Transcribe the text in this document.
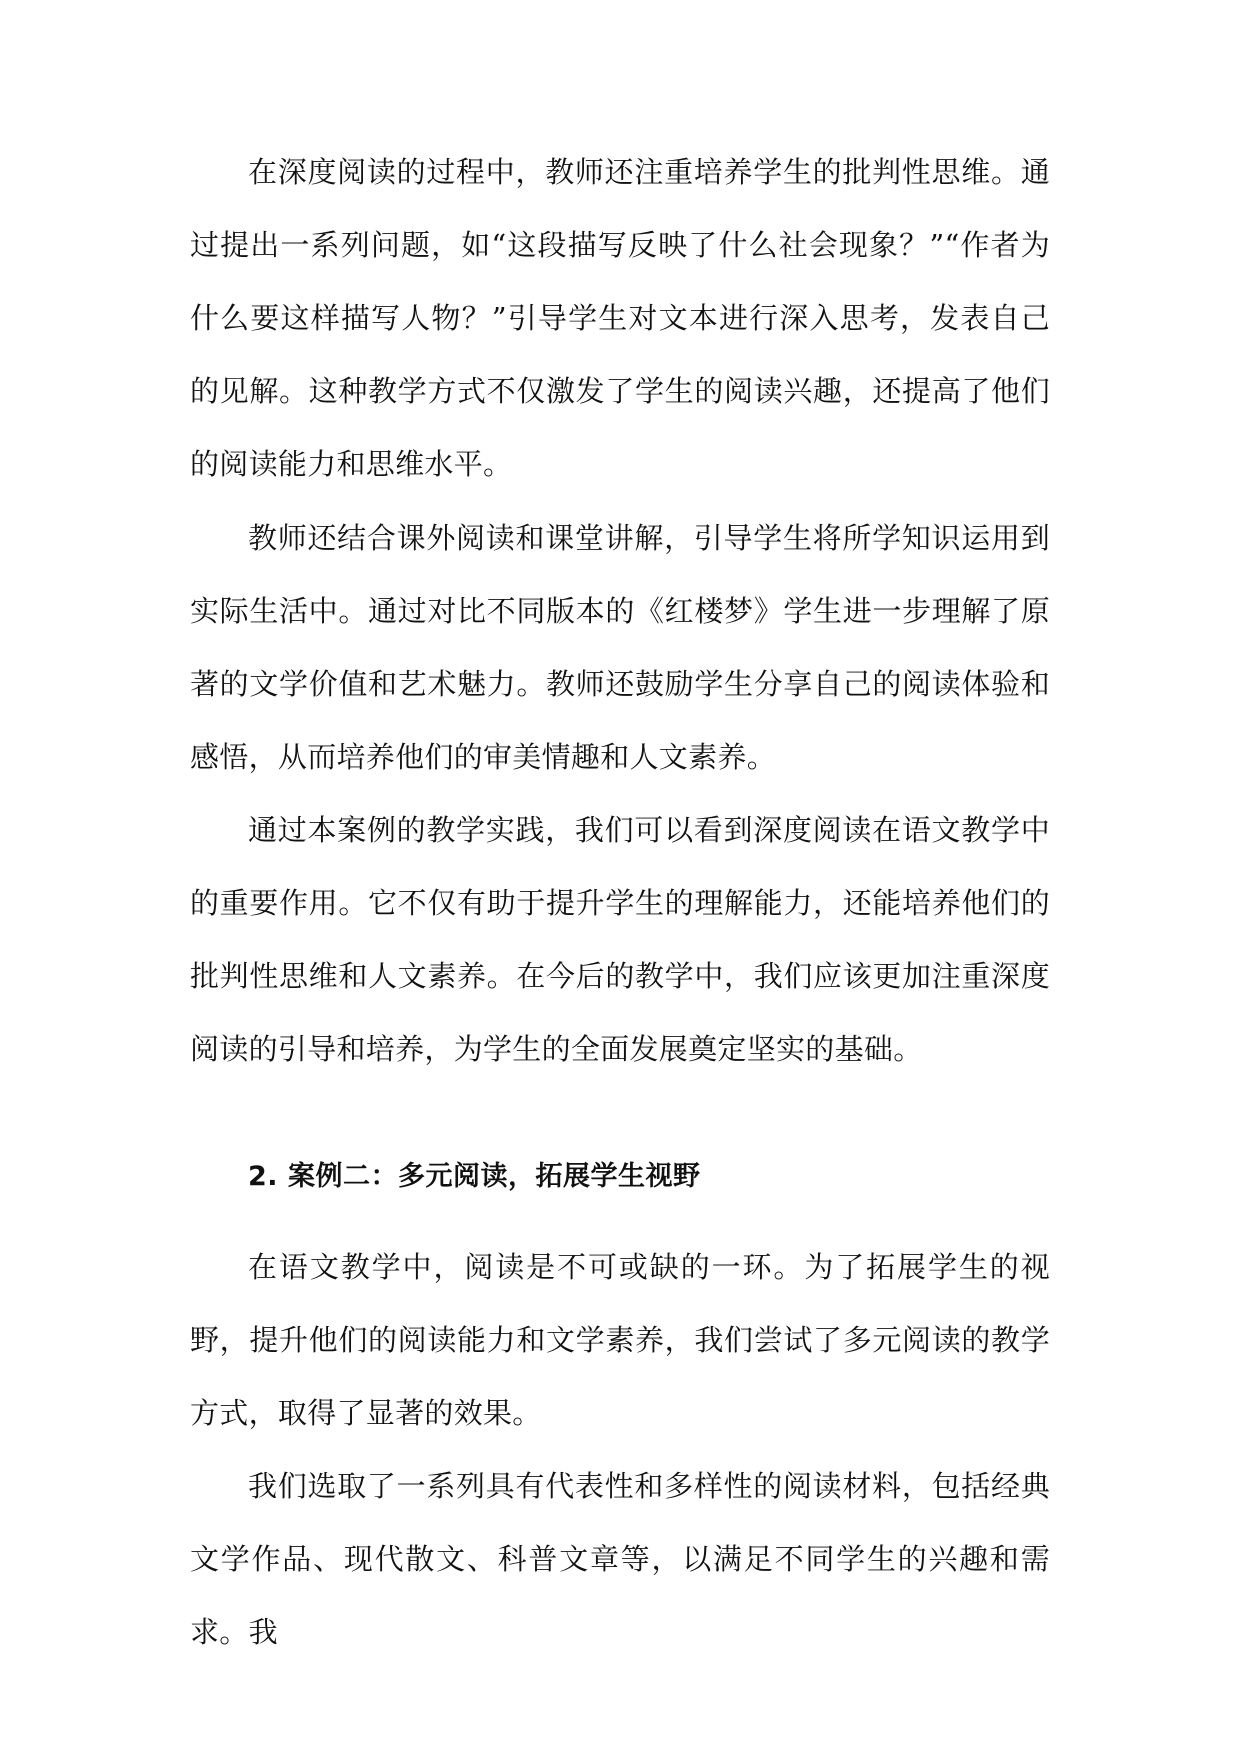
在深度阅读的过程中，教师还注重培养学生的批判性思维。通过提出一系列问题，如“这段描写反映了什么社会现象？”“作者为什么要这样描写人物？”引导学生对文本进行深入思考，发表自己的见解。这种教学方式不仅激发了学生的阅读兴趣，还提高了他们的阅读能力和思维水平。

教师还结合课外阅读和课堂讲解，引导学生将所学知识运用到实际生活中。通过对比不同版本的《红楼梦》学生进一步理解了原著的文学价值和艺术魅力。教师还鼓励学生分享自己的阅读体验和感悟，从而培养他们的审美情趣和人文素养。

通过本案例的教学实践，我们可以看到深度阅读在语文教学中的重要作用。它不仅有助于提升学生的理解能力，还能培养他们的批判性思维和人文素养。在今后的教学中，我们应该更加注重深度阅读的引导和培养，为学生的全面发展奠定坚实的基础。

2. 案例二：多元阅读，拓展学生视野

在语文教学中，阅读是不可或缺的一环。为了拓展学生的视野，提升他们的阅读能力和文学素养，我们尝试了多元阅读的教学方式，取得了显著的效果。

我们选取了一系列具有代表性和多样性的阅读材料，包括经典文学作品、现代散文、科普文章等，以满足不同学生的兴趣和需求。我
